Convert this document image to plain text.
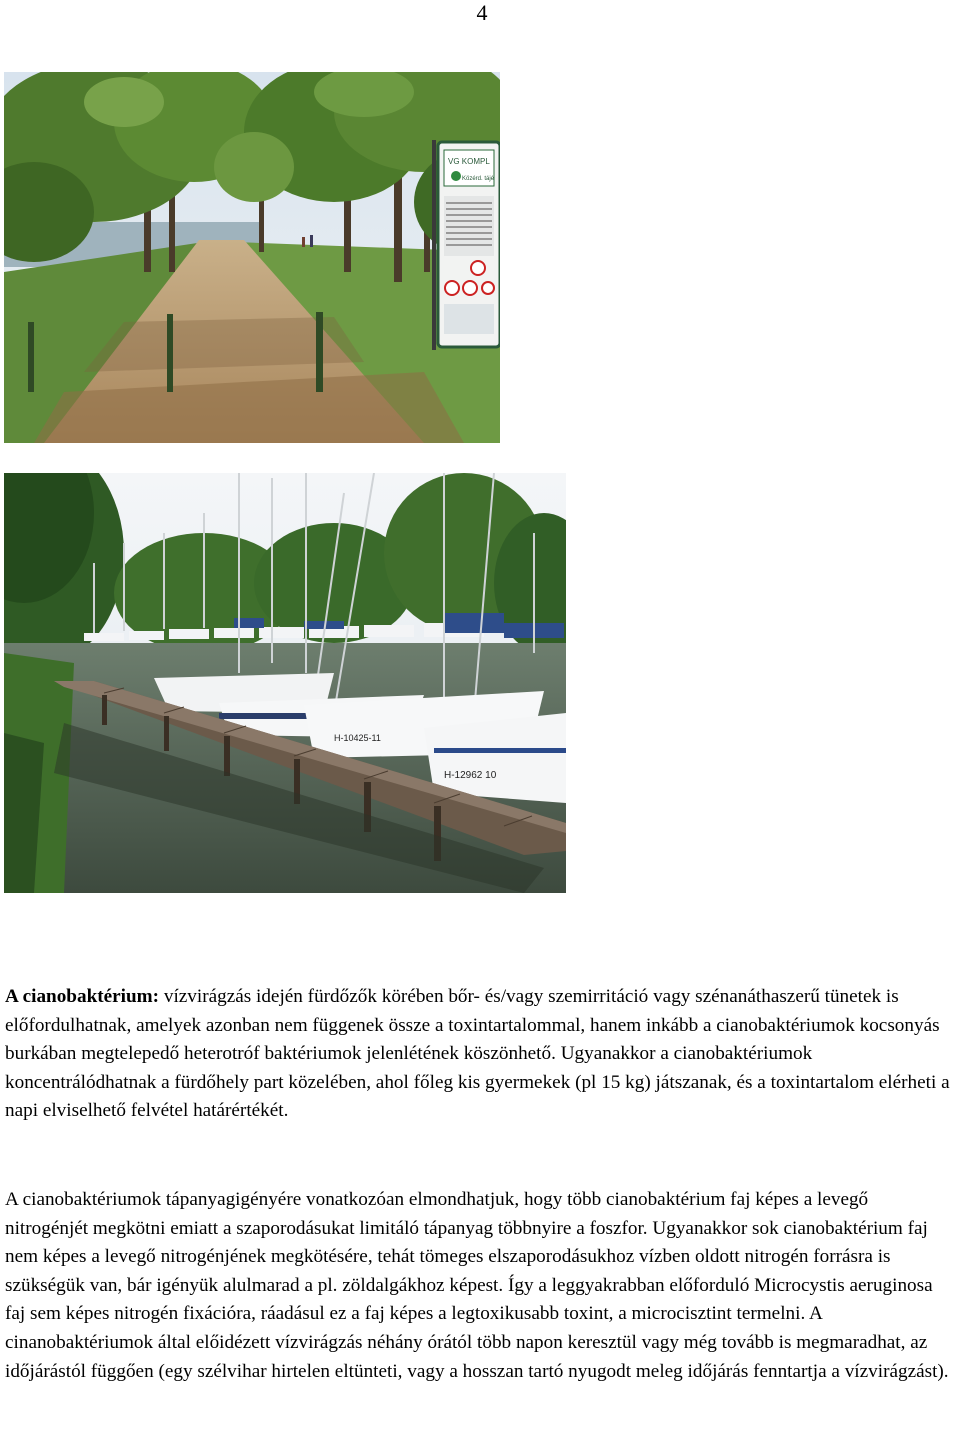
4
VG KOMPL
Közérd. tájé
H-10425-11
H-12962 10

A cianobaktérium: vízvirágzás idején fürdőzők körében bőr- és/vagy szemirritáció vagy szénanáthaszerű tünetek is előfordulhatnak, amelyek azonban nem függenek össze a toxintartalommal, hanem inkább a cianobaktériumok kocsonyás burkában megtelepedő heterotróf baktériumok jelenlétének köszönhető. Ugyanakkor a cianobaktériumok koncentrálódhatnak a fürdőhely part közelében, ahol főleg kis gyermekek (pl 15 kg) játszanak, és a toxintartalom elérheti a napi elviselhető felvétel határértékét.

A cianobaktériumok tápanyagigényére vonatkozóan elmondhatjuk, hogy több cianobaktérium faj képes a levegő nitrogénjét megkötni emiatt a szaporodásukat limitáló tápanyag többnyire a foszfor. Ugyanakkor sok cianobaktérium faj nem képes a levegő nitrogénjének megkötésére, tehát tömeges elszaporodásukhoz vízben oldott nitrogén forrásra is szükségük van, bár igényük alulmarad a pl. zöldalgákhoz képest. Így a leggyakrabban előforduló Microcystis aeruginosa faj sem képes nitrogén fixációra, ráadásul ez a faj képes a legtoxikusabb toxint, a microcisztint termelni. A cinanobaktériumok által előidézett vízvirágzás néhány órától több napon keresztül vagy még tovább is megmaradhat, az időjárástól függően (egy szélvihar hirtelen eltünteti, vagy a hosszan tartó nyugodt meleg időjárás fenntartja a vízvirágzást).
